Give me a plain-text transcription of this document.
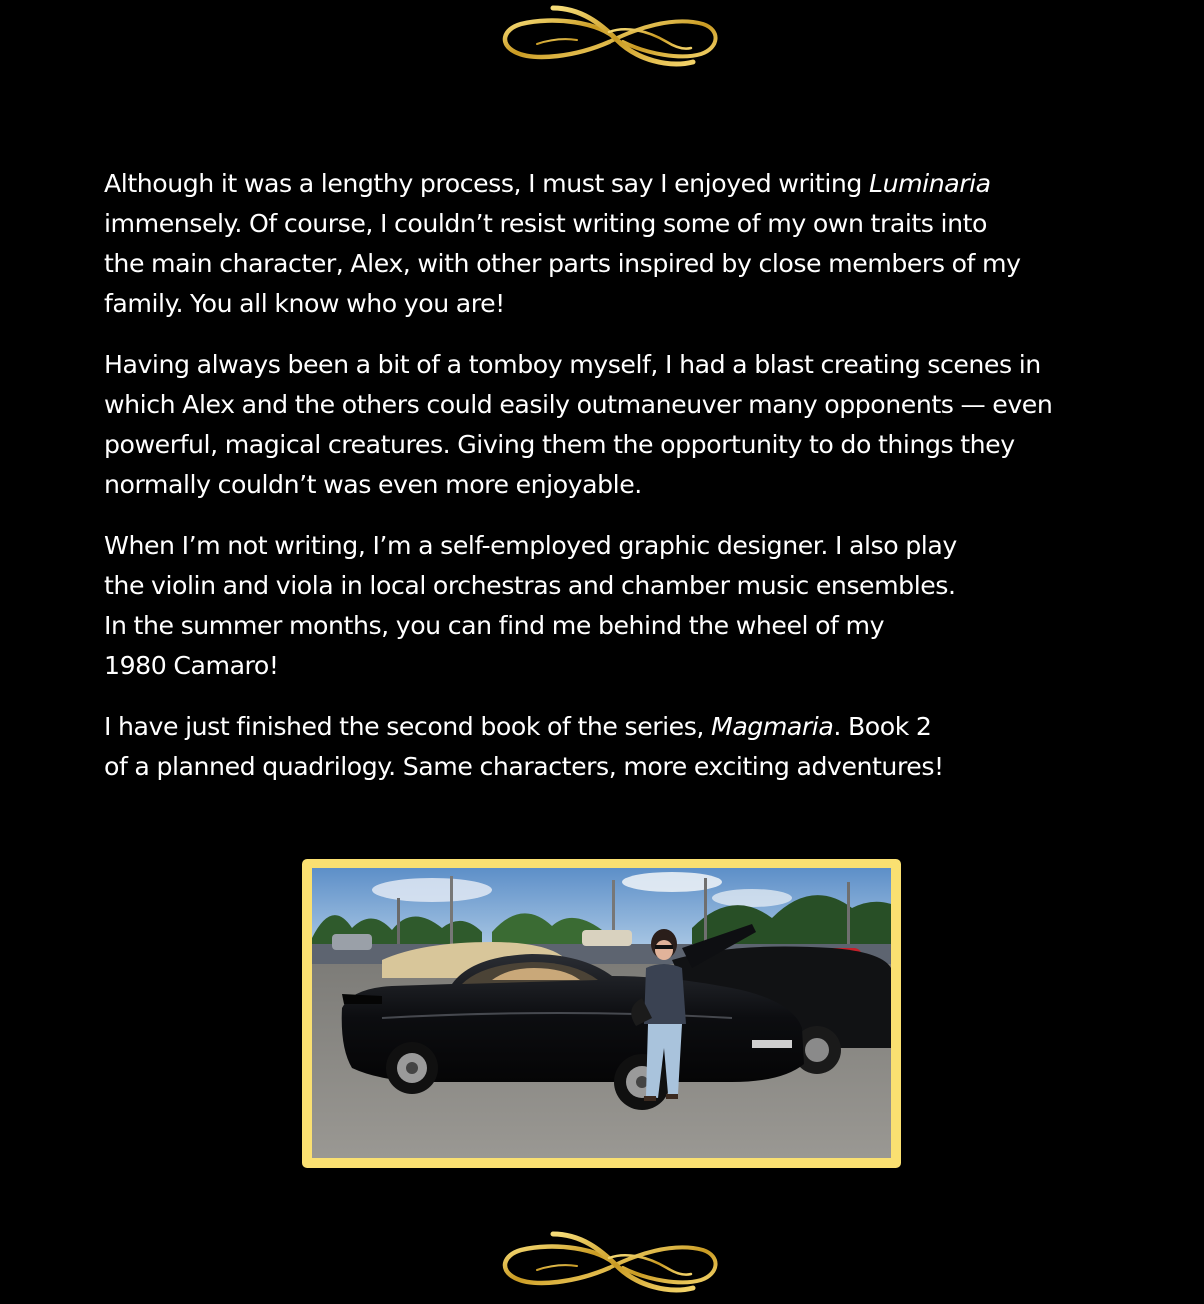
Although it was a lengthy process, I must say I enjoyed writing Luminaria
immensely. Of course, I couldn’t resist writing some of my own traits into
the main character, Alex, with other parts inspired by close members of my
family. You all know who you are!

Having always been a bit of a tomboy myself, I had a blast creating scenes in
which Alex and the others could easily outmaneuver many opponents — even
powerful, magical creatures. Giving them the opportunity to do things they
normally couldn’t was even more enjoyable.

When I’m not writing, I’m a self-employed graphic designer. I also play
the violin and viola in local orchestras and chamber music ensembles.
In the summer months, you can find me behind the wheel of my
1980 Camaro!

I have just finished the second book of the series, Magmaria. Book 2
of a planned quadrilogy. Same characters, more exciting adventures!
